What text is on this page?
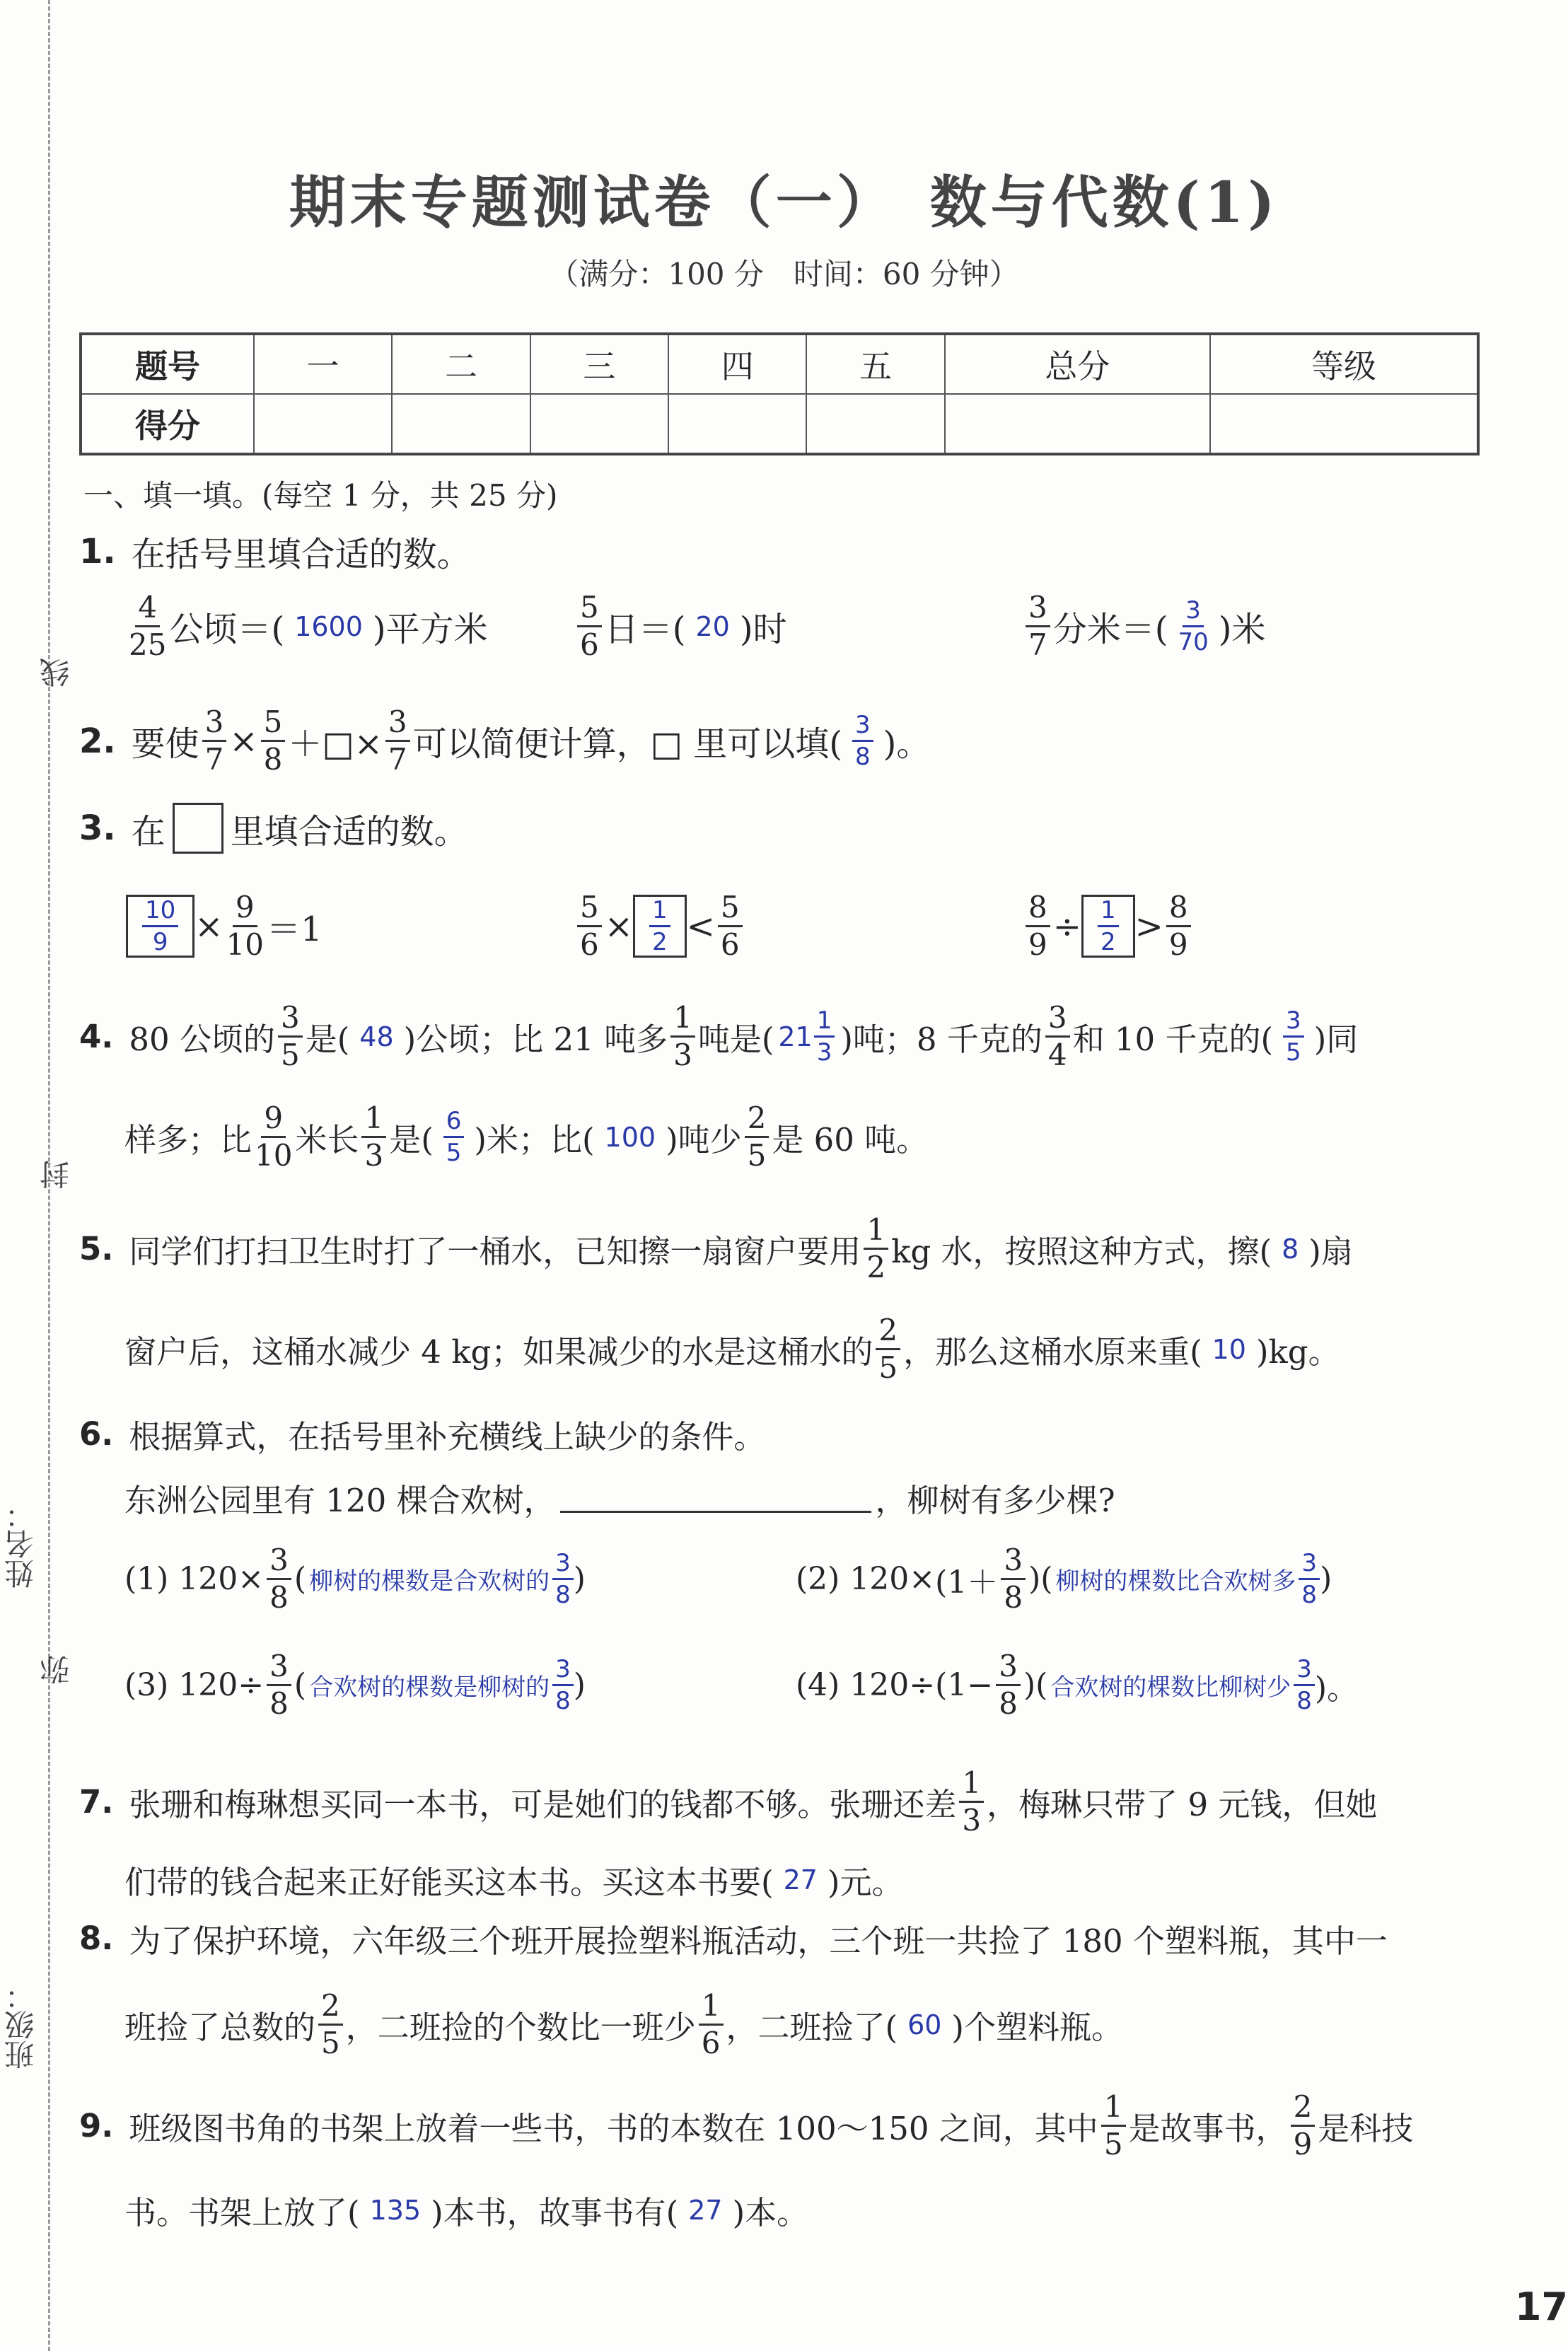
线
封
弥
姓名：
班级：
期末专题测试卷（一）　数与代数(1)
（满分：100 分　时间：60 分钟）
题号	一	二	三	四	五	总分	等级
得分							
一、填一填。(每空 1 分，共 25 分)
1. 在括号里填合适的数。
$\frac{4}{25}$ 公顷＝( 1600 )平方米	$\frac{5}{6}$ 日＝( 20 )时	$\frac{3}{7}$ 分米＝( $\frac{3}{70}$ )米
2. 要使 $\frac{3}{7} \times \frac{5}{8}$ ＋□× $\frac{3}{7}$ 可以简便计算，□ 里可以填( $\frac{3}{8}$ )。
3. 在 里填合适的数。
$\frac{10}{9} \times \frac{9}{10} =1$	$\frac{5}{6} \times \frac{1}{2} < \frac{5}{6}$	$\frac{8}{9} \div \frac{1}{2} > \frac{8}{9}$
4. 80 公顷的 $\frac{3}{5}$ 是( 48 )公顷；比 21 吨多 $\frac{1}{3}$ 吨是( $21 \frac{1}{3}$ )吨；8 千克的 $\frac{3}{4}$ 和 10 千克的( $\frac{3}{5}$ )同
样多；比 $\frac{9}{10}$ 米长 $\frac{1}{3}$ 是( $\frac{6}{5}$ )米；比( 100 )吨少 $\frac{2}{5}$ 是 60 吨。
5. 同学们打扫卫生时打了一桶水，已知擦一扇窗户要用 $\frac{1}{2}$ kg 水，按照这种方式，擦( 8 )扇
窗户后，这桶水减少 4 kg；如果减少的水是这桶水的 $\frac{2}{5}$ ，那么这桶水原来重( 10 )kg。
6. 根据算式，在括号里补充横线上缺少的条件。
东洲公园里有 120 棵合欢树，	，柳树有多少棵?
(1) $120\times \frac{3}{8}$ ( 柳树的棵数是合欢树的 $\frac{3}{8}$ )	(2) $120\times (1+ \frac{3}{8}$ ) ( 柳树的棵数比合欢树多 $\frac{3}{8}$ )
(3) $120\div \frac{3}{8}$ ( 合欢树的棵数是柳树的 $\frac{3}{8}$ )	(4) $120\div (1- \frac{3}{8}$ ) ( 合欢树的棵数比柳树少 $\frac{3}{8}$ )。
7. 张珊和梅琳想买同一本书，可是她们的钱都不够。张珊还差 $\frac{1}{3}$ ，梅琳只带了 9 元钱，但她
们带的钱合起来正好能买这本书。买这本书要( 27 )元。
8. 为了保护环境，六年级三个班开展捡塑料瓶活动，三个班一共捡了 180 个塑料瓶，其中一
班捡了总数的 $\frac{2}{5}$ ，二班捡的个数比一班少 $\frac{1}{6}$ ，二班捡了( 60 )个塑料瓶。
9. 班级图书角的书架上放着一些书，书的本数在 100～150 之间，其中 $\frac{1}{5}$ 是故事书， $\frac{2}{9}$ 是科技
书。书架上放了( 135 )本书，故事书有( 27 )本。
17
